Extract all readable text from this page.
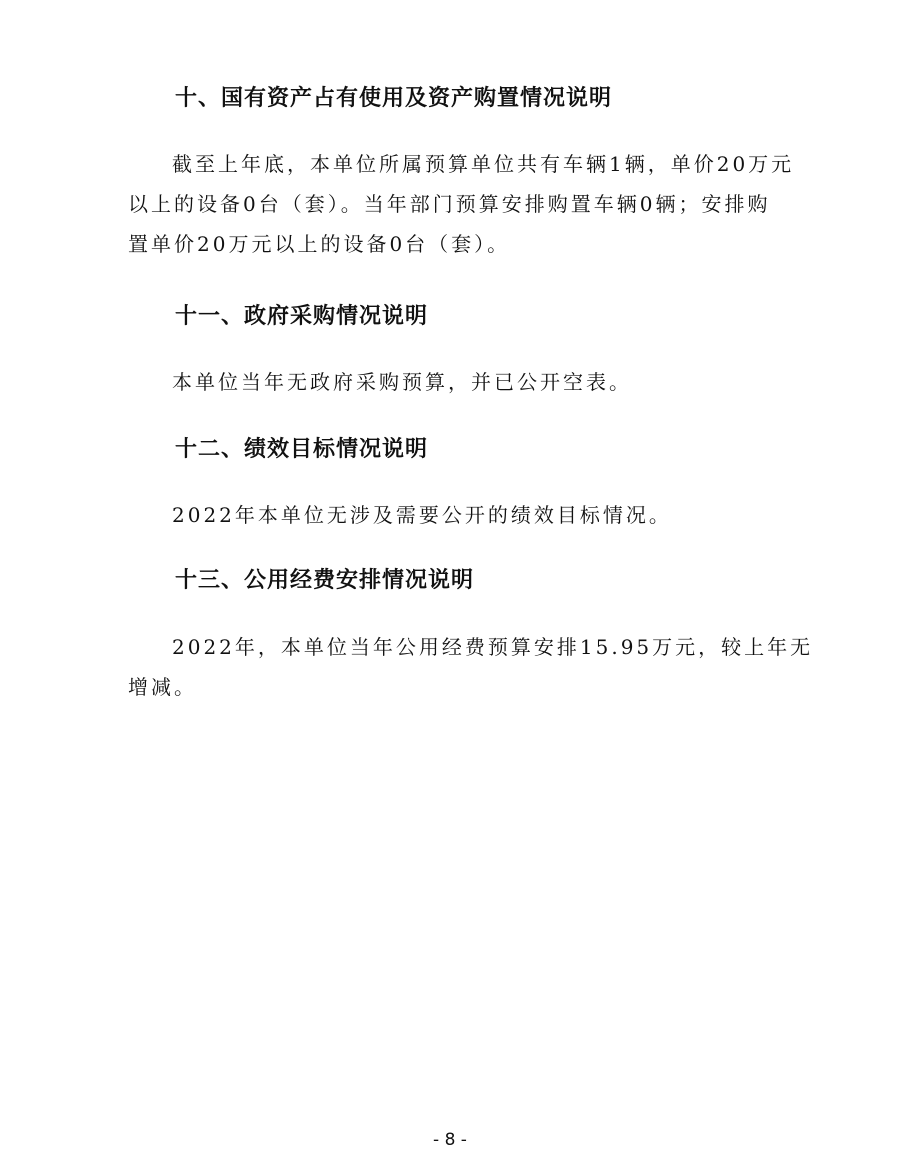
十、国有资产占有使用及资产购置情况说明
截至上年底，本单位所属预算单位共有车辆1辆，单价20万元
以上的设备0台（套）。当年部门预算安排购置车辆0辆；安排购
置单价20万元以上的设备0台（套）。
十一、政府采购情况说明
本单位当年无政府采购预算，并已公开空表。
十二、绩效目标情况说明
2022年本单位无涉及需要公开的绩效目标情况。
十三、公用经费安排情况说明
2022年，本单位当年公用经费预算安排15.95万元，较上年无
增减。
- 8 -
